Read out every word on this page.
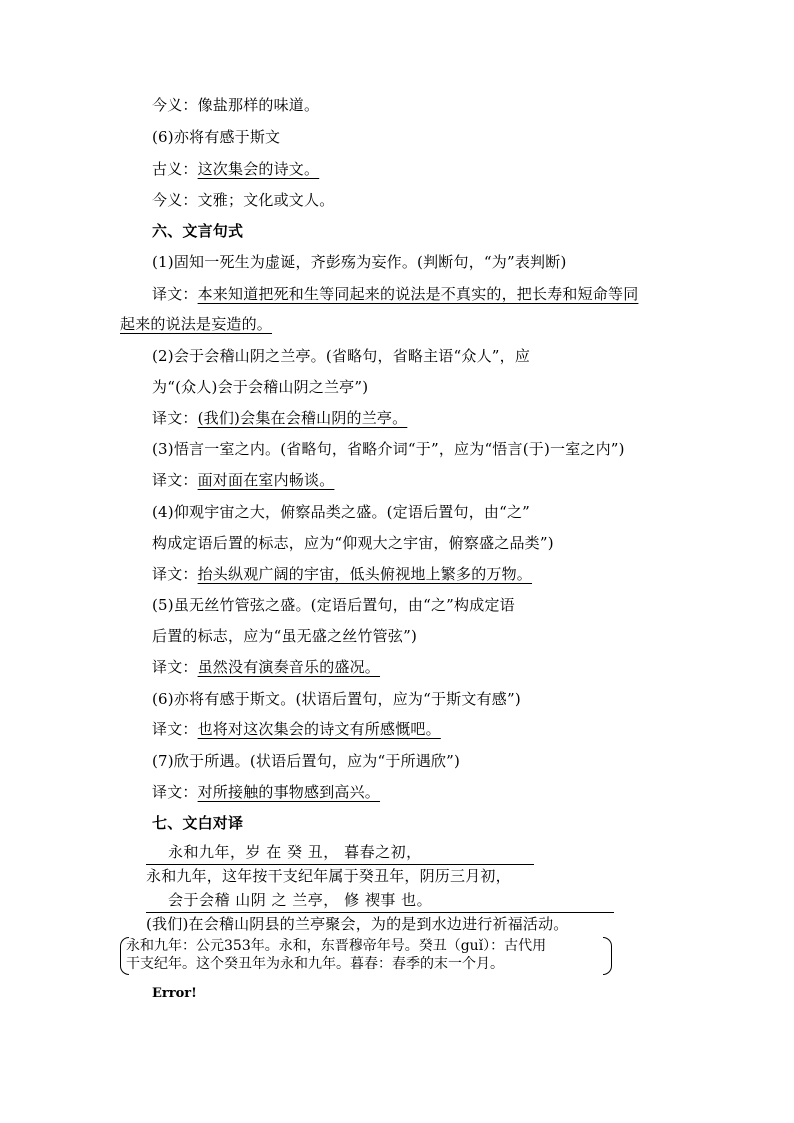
今义：像盐那样的味道。
(6)亦将有感于斯文
古义：这次集会的诗文。
今义：文雅；文化或文人。
六、文言句式
(1)固知一死生为虚诞，齐彭殇为妄作。(判断句，“为”表判断)
译文：本来知道把死和生等同起来的说法是不真实的，把长寿和短命等同
起来的说法是妄造的。
(2)会于会稽山阴之兰亭。(省略句，省略主语“众人”，应
为“(众人)会于会稽山阴之兰亭”)
译文：(我们)会集在会稽山阴的兰亭。
(3)悟言一室之内。(省略句，省略介词“于”，应为“悟言(于)一室之内”)
译文：面对面在室内畅谈。
(4)仰观宇宙之大，俯察品类之盛。(定语后置句，由“之”
构成定语后置的标志，应为“仰观大之宇宙，俯察盛之品类”)
译文：抬头纵观广阔的宇宙，低头俯视地上繁多的万物。
(5)虽无丝竹管弦之盛。(定语后置句，由“之”构成定语
后置的标志，应为“虽无盛之丝竹管弦”)
译文：虽然没有演奏音乐的盛况。
(6)亦将有感于斯文。(状语后置句，应为“于斯文有感”)
译文：也将对这次集会的诗文有所感慨吧。
(7)欣于所遇。(状语后置句，应为“于所遇欣”)
译文：对所接触的事物感到高兴。
七、文白对译
永和九年，岁 在 癸 丑， 暮春之初，
永和九年，这年按干支纪年属于癸丑年，阴历三月初，
会于会稽 山阴 之 兰亭， 修 禊事 也。
(我们)在会稽山阴县的兰亭聚会，为的是到水边进行祈福活动。
永和九年：公元353年。永和，东晋穆帝年号。癸丑（guǐ）：古代用
干支纪年。这个癸丑年为永和九年。暮春：春季的末一个月。
Error!
